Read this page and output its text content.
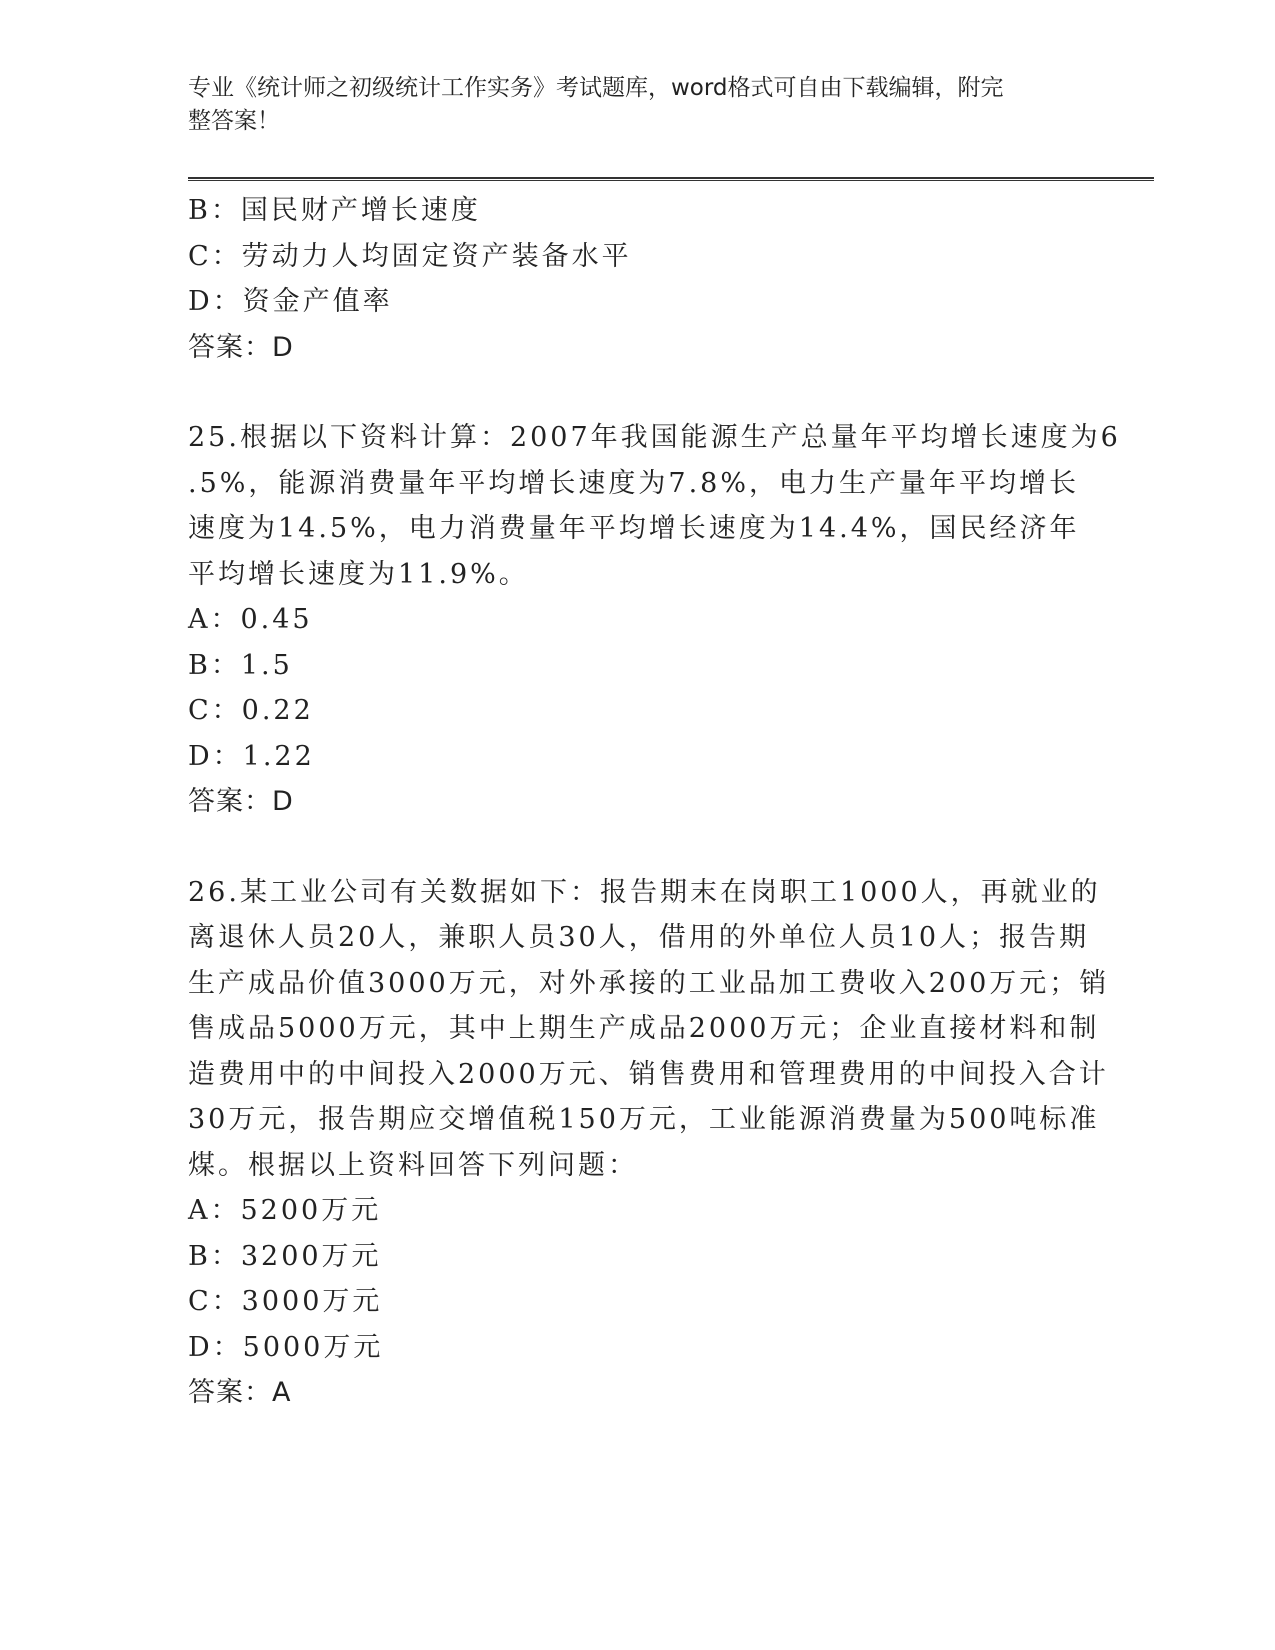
专业《统计师之初级统计工作实务》考试题库，word格式可自由下载编辑，附完
整答案！

B：国民财产增长速度

C：劳动力人均固定资产装备水平

D：资金产值率

答案：D

25.根据以下资料计算：2007年我国能源生产总量年平均增长速度为6

.5%，能源消费量年平均增长速度为7.8%，电力生产量年平均增长

速度为14.5%，电力消费量年平均增长速度为14.4%，国民经济年

平均增长速度为11.9%。

A：0.45

B：1.5

C：0.22

D：1.22

答案：D

26.某工业公司有关数据如下：报告期末在岗职工1000人，再就业的

离退休人员20人，兼职人员30人，借用的外单位人员10人；报告期

生产成品价值3000万元，对外承接的工业品加工费收入200万元；销

售成品5000万元，其中上期生产成品2000万元；企业直接材料和制

造费用中的中间投入2000万元、销售费用和管理费用的中间投入合计

30万元，报告期应交增值税150万元，工业能源消费量为500吨标准

煤。根据以上资料回答下列问题：

A：5200万元

B：3200万元

C：3000万元

D：5000万元

答案：A
